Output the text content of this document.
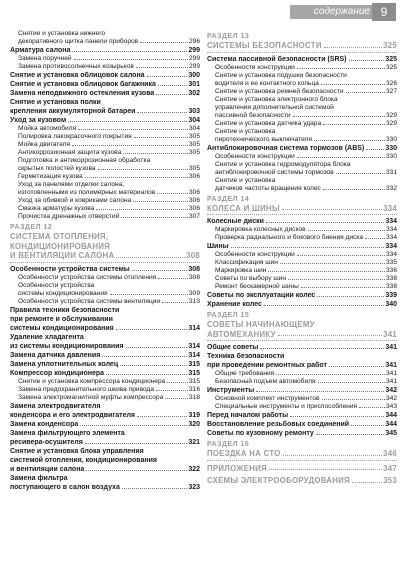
содержание 9
Снятие и установка нижнего
декоративного щитка панели приборов	296
Арматура салона	299
Замена поручней	299
Замена противосолнечных козырьков	299
Снятие и установка облицовок салона	300
Снятие и установка облицовок багажника	301
Замена неподвижного остекления кузова	302
Снятие и установка полки
крепления аккумуляторной батареи	303
Уход за кузовом	304
Мойка автомобиля	304
Полировка лакокрасочного покрытия	305
Мойка двигателя	305
Антикоррозионная защита кузова	305
Подготовка и антикоррозионная обработка
скрытых полостей кузова	305
Герметизация кузова	306
Уход за панелями отделки салона,
изготовленными из полимерных материалов	306
Уход за обивкой и ковриками салона	306
Смазка арматуры кузова	306
Прочистка дренажных отверстий	307
РАЗДЕЛ 12
СИСТЕМА ОТОПЛЕНИЯ,
КОНДИЦИОНИРОВАНИЯ
И ВЕНТИЛЯЦИИ САЛОНА	308
Особенности устройства системы	308
Особенности устройства системы отопления	308
Особенности устройства
системы кондиционирования	309
Особенности устройства системы вентиляции	313
Правила техники безопасности
при ремонте и обслуживании
системы кондиционирования	314
Удаление хладагента
из системы кондиционирования	314
Замена датчика давления	314
Замена уплотнительных колец	315
Компрессор кондиционера	315
Снятие и установка компрессора кондиционера	315
Замена предохранительного шкива привода	316
Замена электромагнитной муфты компрессора	318
Замена электродвигателя
конденсора и его электродвигателя	319
Замена конденсора	320
Замена фильтрующего элемента
ресивера-осушителя	321
Снятие и установка блока управления
системой отопления, кондиционирования
и вентиляции салона	322
Замена фильтра
поступающего в салон воздуха	323
РАЗДЕЛ 13
СИСТЕМЫ БЕЗОПАСНОСТИ	325
Система пассивной безопасности (SRS)	325
Особенности конструкции	325
Снятие и установка подушки безопасности
водителя и ее контактного кольца	326
Снятие и установка ремней безопасности	327
Снятие и установка электронного блока
управления дополнительной системой
пассивной безопасности	329
Снятие и установка датчика удара	329
Снятие и установка
пиротехнического выключателя	330
Антиблокировочная система тормозов (ABS)	330
Особенности конструкции	330
Снятие и установка гидромодулятора блока
антиблокировочной системы тормозов	331
Снятие и установка
датчиков частоты вращения колес	332
РАЗДЕЛ 14
КОЛЕСА И ШИНЫ	334
Колесные диски	334
Маркировка колесных дисков	334
Проверка радиального и бокового биения диска	334
Шины	334
Особенности конструкции	334
Классификация шин	335
Маркировка шин	336
Советы по выбору шин	338
Ремонт бескамерной шины	338
Советы по эксплуатации колес	339
Хранение колес	340
РАЗДЕЛ 15
СОВЕТЫ НАЧИНАЮЩЕМУ
АВТОМЕХАНИКУ	341
Общие советы	341
Техника безопасности
при проведении ремонтных работ	341
Общие требования	341
Безопасный подъем автомобиля	341
Инструменты	342
Основной комплект инструментов	342
Специальные инструменты и приспособления	343
Перед началом работы	344
Восстановление резьбовых соединений	344
Советы по кузовному ремонту	345
РАЗДЕЛ 16
ПОЕЗДКА НА СТО	346
ПРИЛОЖЕНИЯ	347
СХЕМЫ ЭЛЕКТРООБОРУДОВАНИЯ	353
